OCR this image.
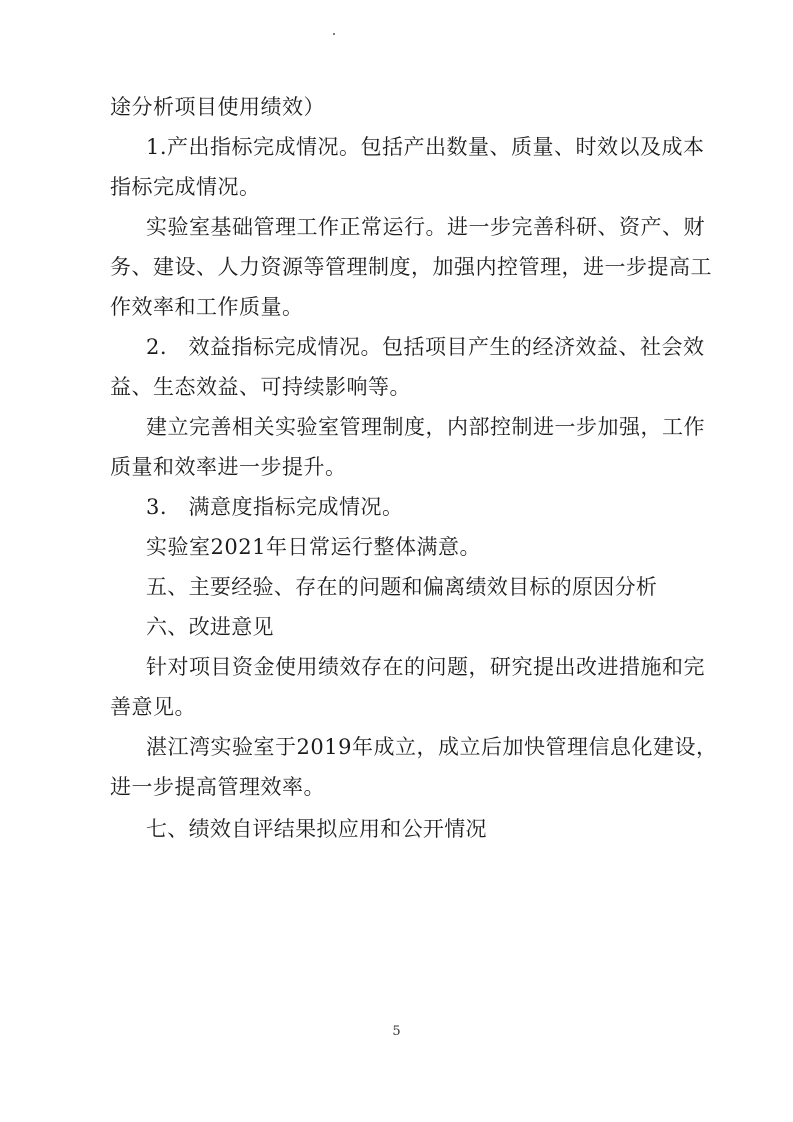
途分析项目使用绩效）
1.产出指标完成情况。包括产出数量、质量、时效以及成本
指标完成情况。
实验室基础管理工作正常运行。进一步完善科研、资产、财
务、建设、人力资源等管理制度，加强内控管理，进一步提高工
作效率和工作质量。
2.　效益指标完成情况。包括项目产生的经济效益、社会效
益、生态效益、可持续影响等。
建立完善相关实验室管理制度，内部控制进一步加强，工作
质量和效率进一步提升。
3.　满意度指标完成情况。
实验室2021年日常运行整体满意。
五、主要经验、存在的问题和偏离绩效目标的原因分析
六、改进意见
针对项目资金使用绩效存在的问题，研究提出改进措施和完
善意见。
湛江湾实验室于2019年成立，成立后加快管理信息化建设，
进一步提高管理效率。
七、绩效自评结果拟应用和公开情况
5
